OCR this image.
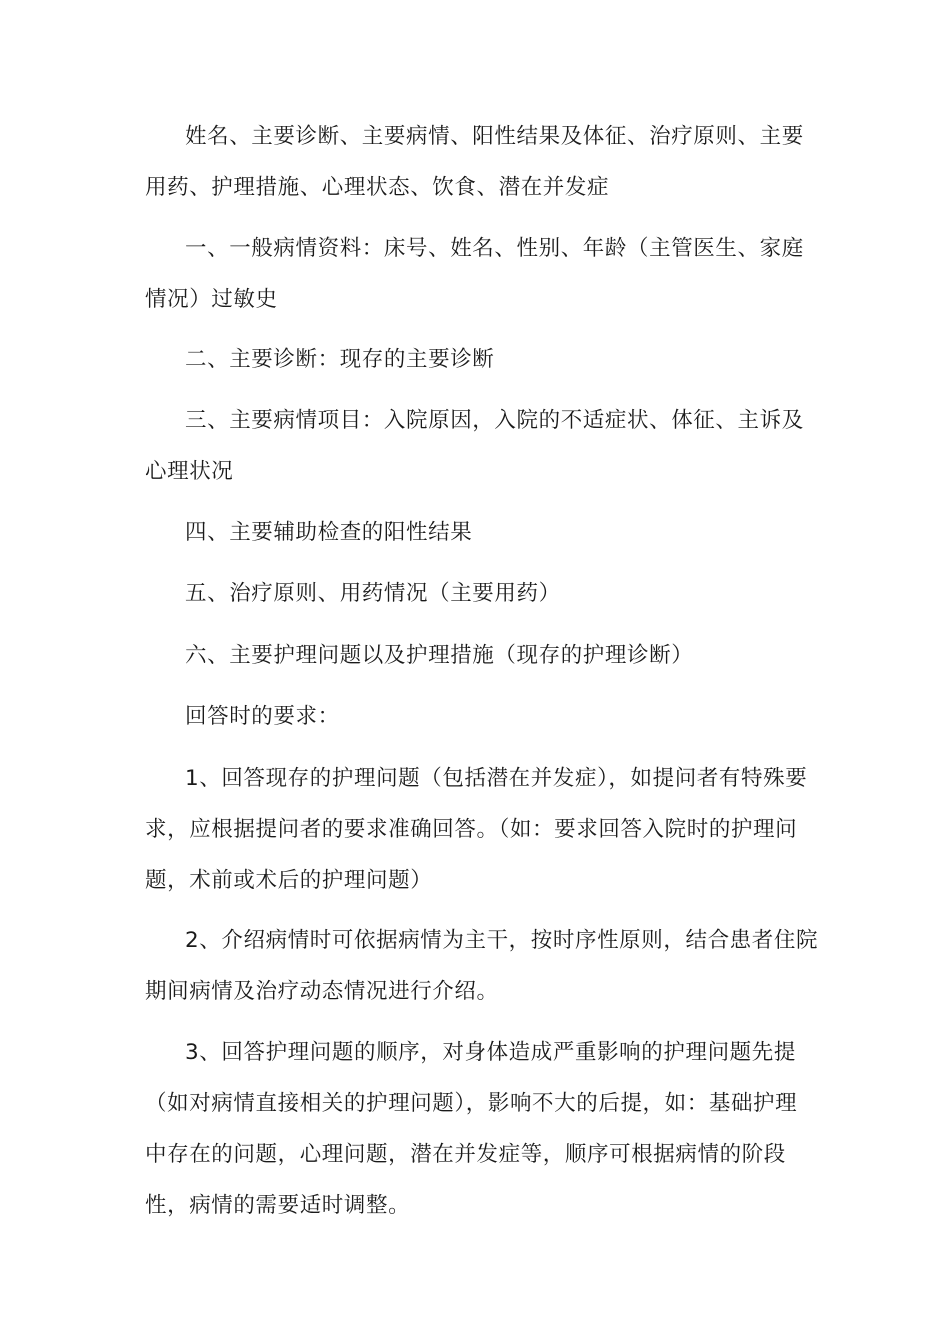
姓名、主要诊断、主要病情、阳性结果及体征、治疗原则、主要
用药、护理措施、心理状态、饮食、潜在并发症

一、一般病情资料：床号、姓名、性别、年龄（主管医生、家庭
情况）过敏史

二、主要诊断：现存的主要诊断

三、主要病情项目：入院原因，入院的不适症状、体征、主诉及
心理状况

四、主要辅助检查的阳性结果

五、治疗原则、用药情况（主要用药）

六、主要护理问题以及护理措施（现存的护理诊断）

回答时的要求：

1、回答现存的护理问题（包括潜在并发症），如提问者有特殊要
求，应根据提问者的要求准确回答。（如：要求回答入院时的护理问
题，术前或术后的护理问题）

2、介绍病情时可依据病情为主干，按时序性原则，结合患者住院
期间病情及治疗动态情况进行介绍。

3、回答护理问题的顺序，对身体造成严重影响的护理问题先提
（如对病情直接相关的护理问题），影响不大的后提，如：基础护理
中存在的问题，心理问题，潜在并发症等，顺序可根据病情的阶段
性，病情的需要适时调整。
